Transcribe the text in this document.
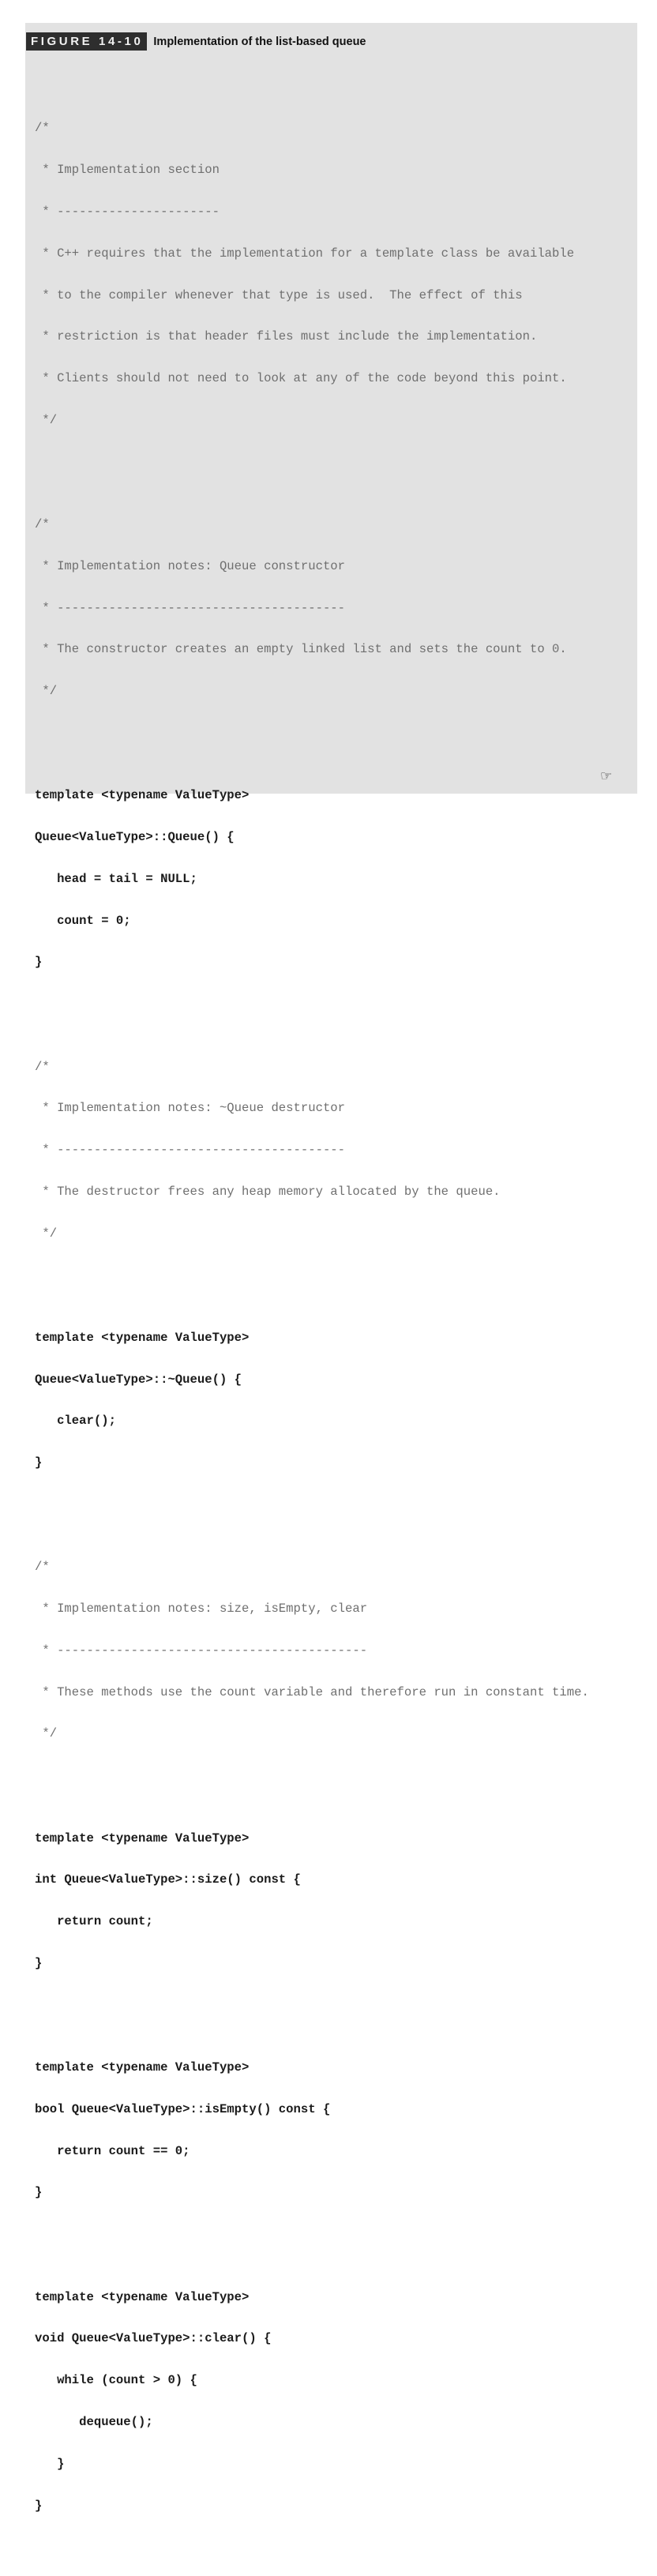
FIGURE 14-10 Implementation of the list-based queue

/*

* Implementation section

* ----------------------

* C++ requires that the implementation for a template class be available

* to the compiler whenever that type is used.  The effect of this

* restriction is that header files must include the implementation.

* Clients should not need to look at any of the code beyond this point.

*/

/*

* Implementation notes: Queue constructor

* ---------------------------------------

* The constructor creates an empty linked list and sets the count to 0.

*/

template <typename ValueType>

Queue<ValueType>::Queue() {

head = tail = NULL;

count = 0;

}

/*

* Implementation notes: ~Queue destructor

* ---------------------------------------

* The destructor frees any heap memory allocated by the queue.

*/

template <typename ValueType>

Queue<ValueType>::~Queue() {

clear();

}

/*

* Implementation notes: size, isEmpty, clear

* ------------------------------------------

* These methods use the count variable and therefore run in constant time.

*/

template <typename ValueType>

int Queue<ValueType>::size() const {

return count;

}

template <typename ValueType>

bool Queue<ValueType>::isEmpty() const {

return count == 0;

}

template <typename ValueType>

void Queue<ValueType>::clear() {

while (count > 0) {

dequeue();

}

}

☞
